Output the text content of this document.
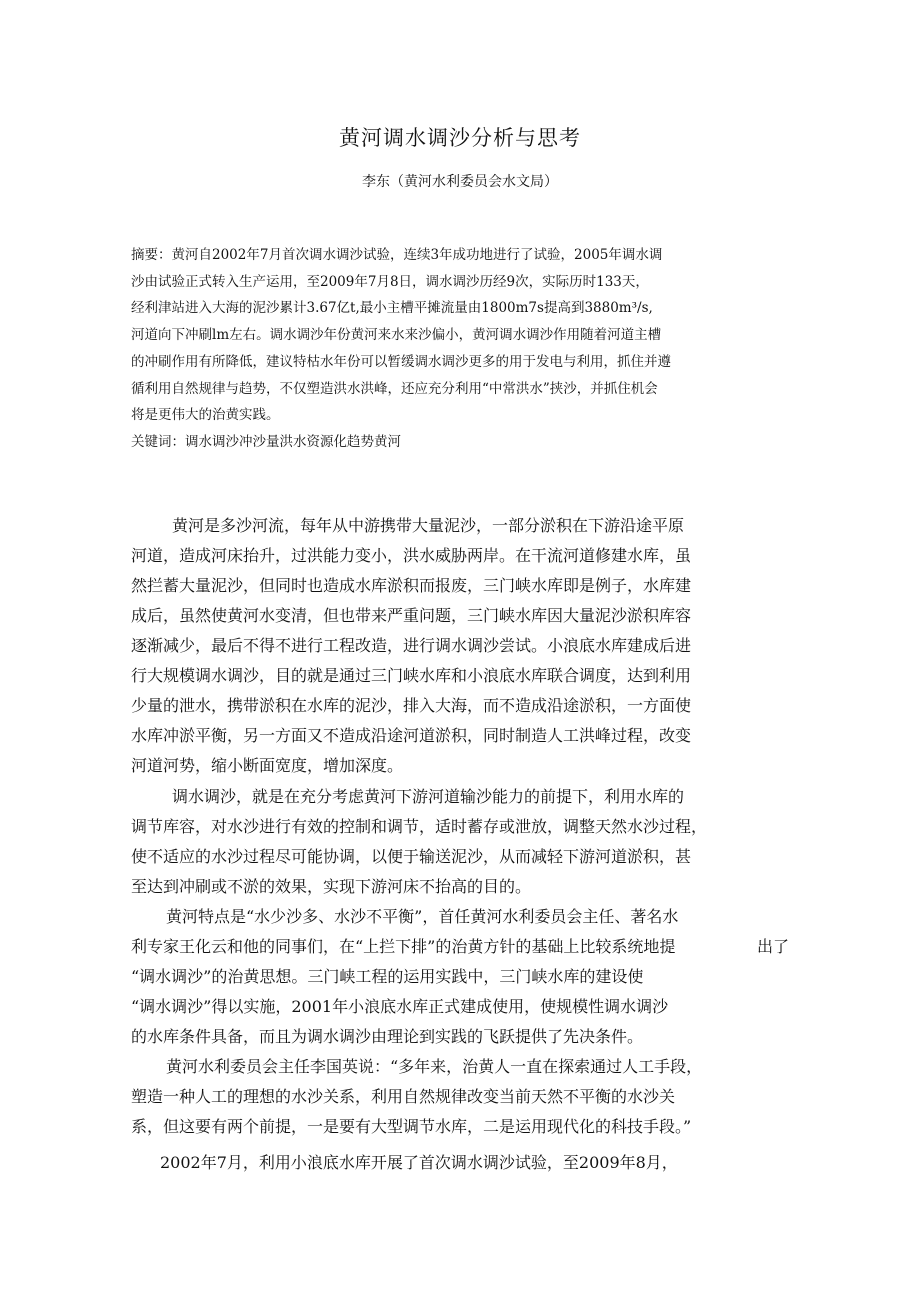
黄河调水调沙分析与思考

李东（黄河水利委员会水文局）

摘要：黄河自2002年7月首次调水调沙试验，连续3年成功地进行了试验，2005年调水调

沙由试验正式转入生产运用，至2009年7月8日，调水调沙历经9次，实际历时133天，

经利津站进入大海的泥沙累计3.67亿t,最小主槽平摊流量由1800m7s提高到3880m³/s,

河道向下冲刷lm左右。调水调沙年份黄河来水来沙偏小，黄河调水调沙作用随着河道主槽

的冲刷作用有所降低，建议特枯水年份可以暂缓调水调沙更多的用于发电与利用，抓住并遵

循利用自然规律与趋势，不仅塑造洪水洪峰，还应充分利用“中常洪水”挟沙，并抓住机会

将是更伟大的治黄实践。

关键词：调水调沙冲沙量洪水资源化趋势黄河

黄河是多沙河流，每年从中游携带大量泥沙，一部分淤积在下游沿途平原

河道，造成河床抬升，过洪能力变小，洪水威胁两岸。在干流河道修建水库，虽

然拦蓄大量泥沙，但同时也造成水库淤积而报废，三门峡水库即是例子，水库建

成后，虽然使黄河水变清，但也带来严重问题，三门峡水库因大量泥沙淤积库容

逐渐减少，最后不得不进行工程改造，进行调水调沙尝试。小浪底水库建成后进

行大规模调水调沙，目的就是通过三门峡水库和小浪底水库联合调度，达到利用

少量的泄水，携带淤积在水库的泥沙，排入大海，而不造成沿途淤积，一方面使

水库冲淤平衡，另一方面又不造成沿途河道淤积，同时制造人工洪峰过程，改变

河道河势，缩小断面宽度，增加深度。

调水调沙，就是在充分考虑黄河下游河道输沙能力的前提下，利用水库的

调节库容，对水沙进行有效的控制和调节，适时蓄存或泄放，调整天然水沙过程，

使不适应的水沙过程尽可能协调，以便于输送泥沙，从而减轻下游河道淤积，甚

至达到冲刷或不淤的效果，实现下游河床不抬高的目的。

黄河特点是“水少沙多、水沙不平衡”，首任黄河水利委员会主任、著名水

利专家王化云和他的同事们，在“上拦下排”的治黄方针的基础上比较系统地提	出了

“调水调沙”的治黄思想。三门峡工程的运用实践中，三门峡水库的建设使

“调水调沙”得以实施，2001年小浪底水库正式建成使用，使规模性调水调沙

的水库条件具备，而且为调水调沙由理论到实践的飞跃提供了先决条件。

黄河水利委员会主任李国英说：“多年来，治黄人一直在探索通过人工手段，

塑造一种人工的理想的水沙关系，利用自然规律改变当前天然不平衡的水沙关

系，但这要有两个前提，一是要有大型调节水库，二是运用现代化的科技手段。”

2002年7月，利用小浪底水库开展了首次调水调沙试验，至2009年8月，
